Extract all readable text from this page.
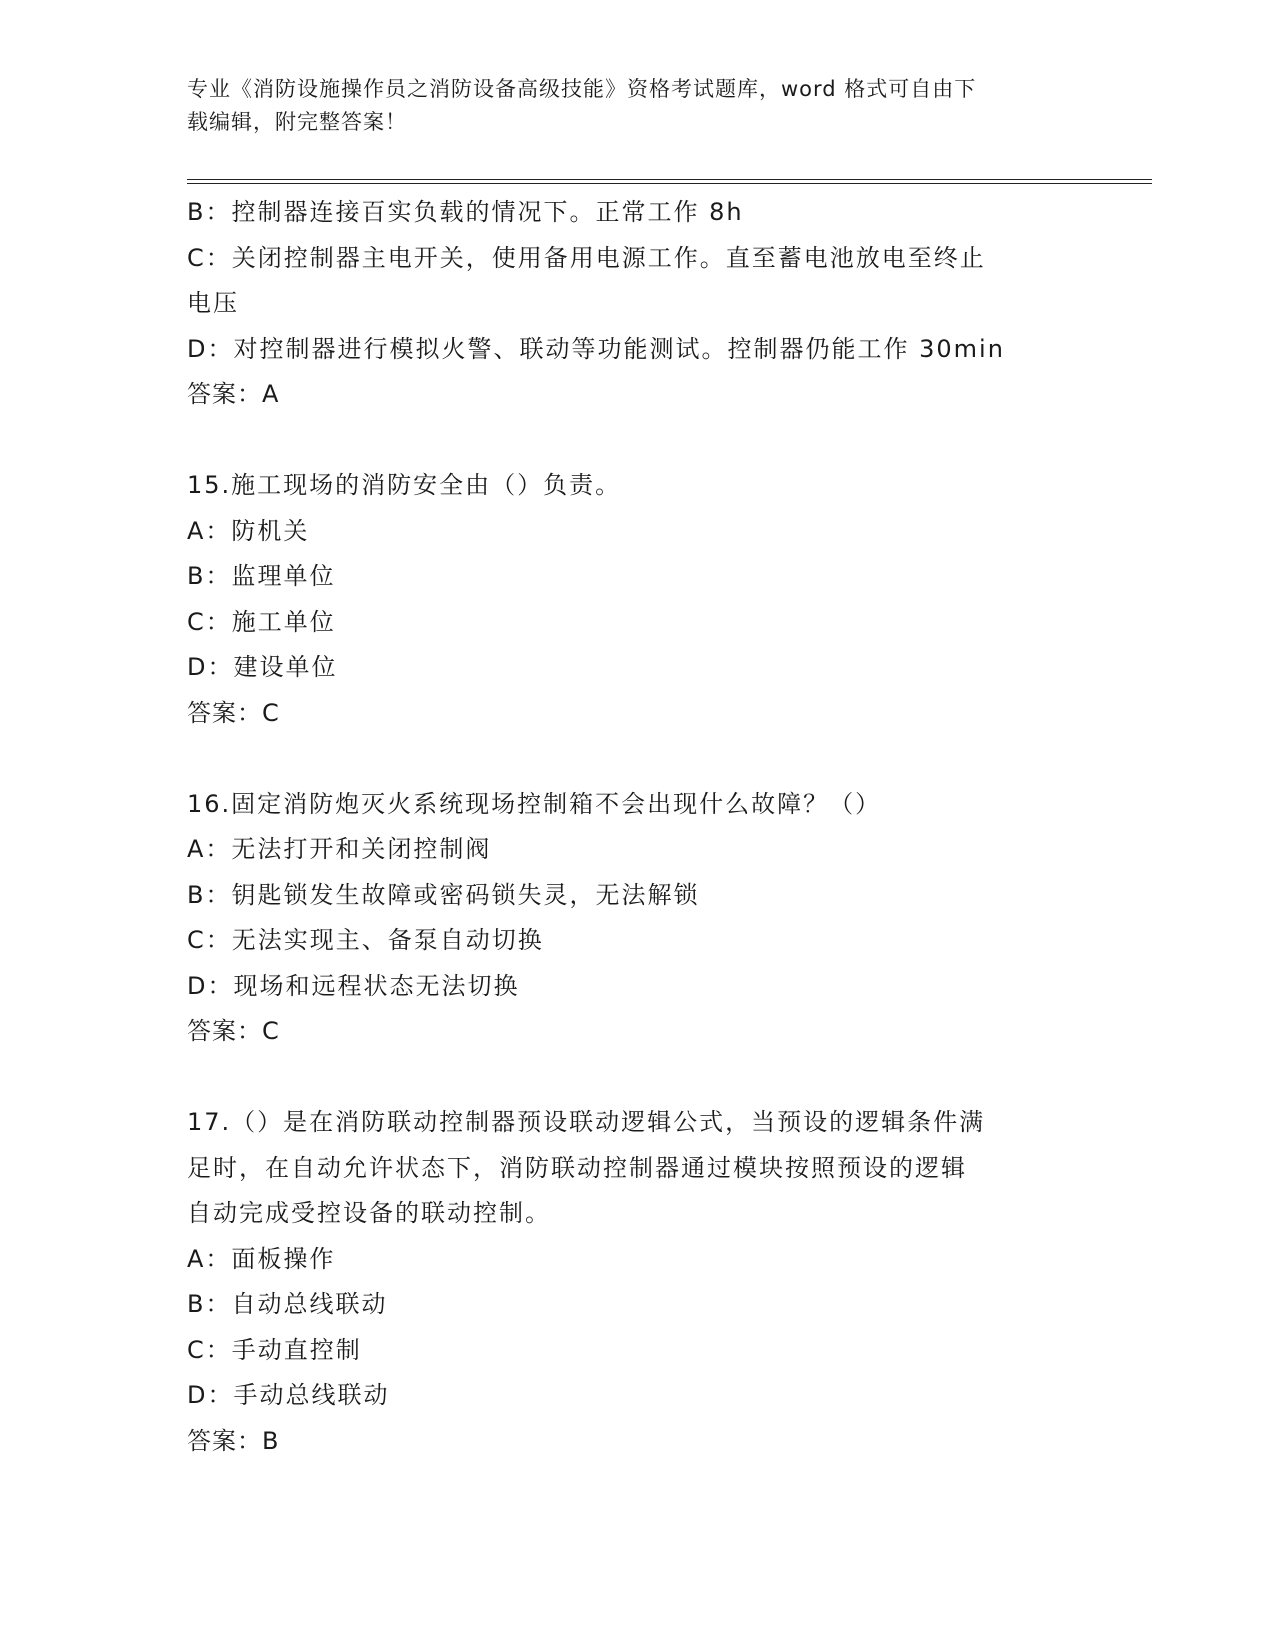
专业《消防设施操作员之消防设备高级技能》资格考试题库，word 格式可自由下
载编辑，附完整答案！
B：控制器连接百实负载的情况下。正常工作 8h
C：关闭控制器主电开关，使用备用电源工作。直至蓄电池放电至终止
电压
D：对控制器进行模拟火警、联动等功能测试。控制器仍能工作 30min
答案：A
15.施工现场的消防安全由（）负责。
A：防机关
B：监理单位
C：施工单位
D：建设单位
答案：C
16.固定消防炮灭火系统现场控制箱不会出现什么故障？（）
A：无法打开和关闭控制阀
B：钥匙锁发生故障或密码锁失灵，无法解锁
C：无法实现主、备泵自动切换
D：现场和远程状态无法切换
答案：C
17.（）是在消防联动控制器预设联动逻辑公式，当预设的逻辑条件满
足时，在自动允许状态下，消防联动控制器通过模块按照预设的逻辑
自动完成受控设备的联动控制。
A：面板操作
B：自动总线联动
C：手动直控制
D：手动总线联动
答案：B
